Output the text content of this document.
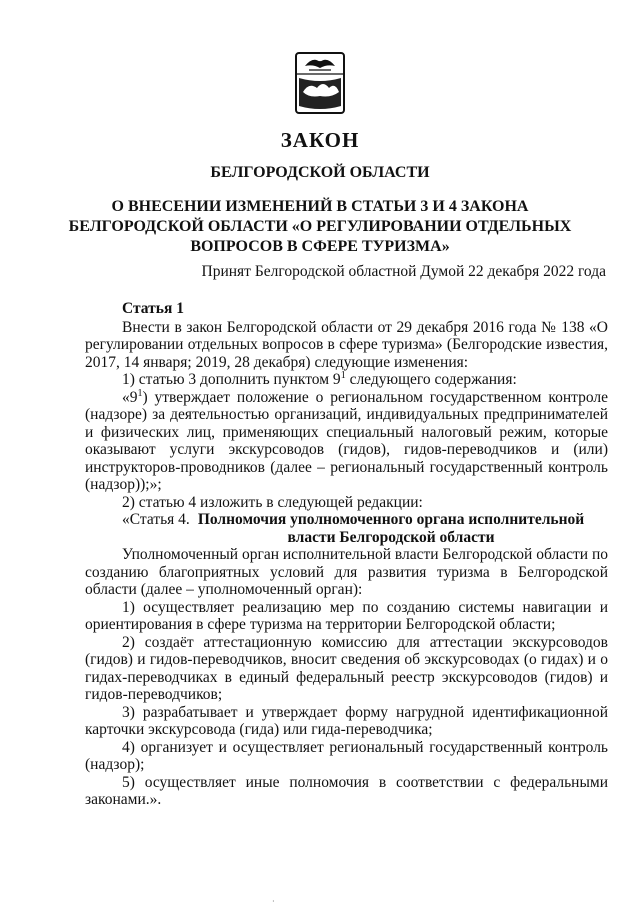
ЗАКОН
БЕЛГОРОДСКОЙ ОБЛАСТИ
О ВНЕСЕНИИ ИЗМЕНЕНИЙ В СТАТЬИ 3 И 4 ЗАКОНА
БЕЛГОРОДСКОЙ ОБЛАСТИ «О РЕГУЛИРОВАНИИ ОТДЕЛЬНЫХ
ВОПРОСОВ В СФЕРЕ ТУРИЗМА»
Принят Белгородской областной Думой 22 декабря 2022 года

Статья 1

Внести в закон Белгородской области от 29 декабря 2016 года № 138 «О регулировании отдельных вопросов в сфере туризма» (Белгородские известия, 2017, 14 января; 2019, 28 декабря) следующие изменения:

1) статью 3 дополнить пунктом $9^1$ следующего содержания:

«$9^1$) утверждает положение о региональном государственном контроле (надзоре) за деятельностью организаций, индивидуальных предпринимателей и физических лиц, применяющих специальный налоговый режим, которые оказывают услуги экскурсоводов (гидов), гидов-переводчиков и (или) инструкторов-проводников (далее – региональный государственный контроль (надзор));»;

2) статью 4 изложить в следующей редакции:

«Статья 4. Полномочия уполномоченного органа исполнительной
власти Белгородской области

Уполномоченный орган исполнительной власти Белгородской области по созданию благоприятных условий для развития туризма в Белгородской области (далее – уполномоченный орган):

1) осуществляет реализацию мер по созданию системы навигации и ориентирования в сфере туризма на территории Белгородской области;

2) создаёт аттестационную комиссию для аттестации экскурсоводов (гидов) и гидов-переводчиков, вносит сведения об экскурсоводах (о гидах) и о гидах-переводчиках в единый федеральный реестр экскурсоводов (гидов) и гидов-переводчиков;

3) разрабатывает и утверждает форму нагрудной идентификационной карточки экскурсовода (гида) или гида-переводчика;

4) организует и осуществляет региональный государственный контроль (надзор);

5) осуществляет иные полномочия в соответствии с федеральными законами.».

·
